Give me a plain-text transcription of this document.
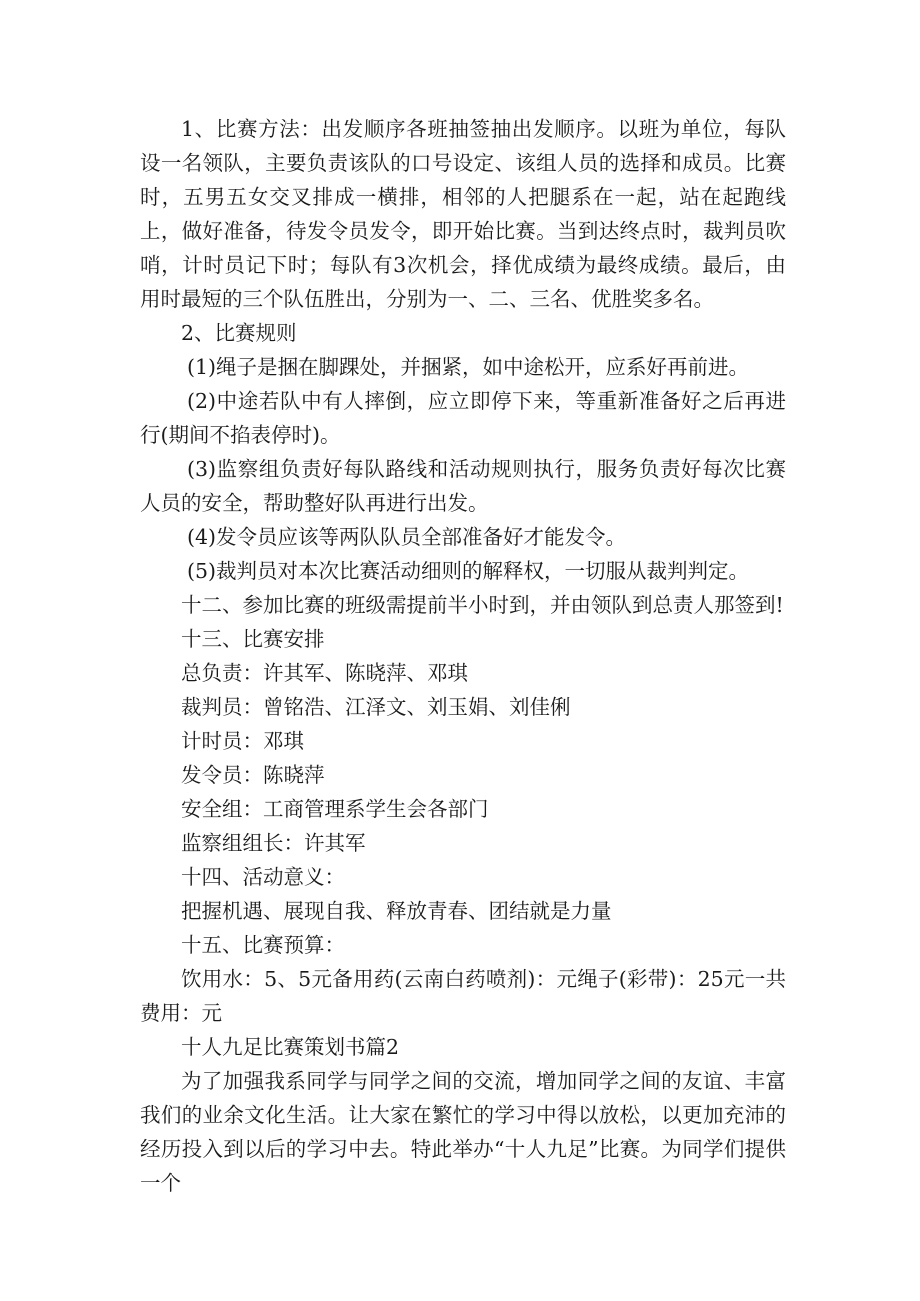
1、比赛方法：出发顺序各班抽签抽出发顺序。以班为单位，每队设一名领队，主要负责该队的口号设定、该组人员的选择和成员。比赛时，五男五女交叉排成一横排，相邻的人把腿系在一起，站在起跑线上，做好准备，待发令员发令，即开始比赛。当到达终点时，裁判员吹哨，计时员记下时；每队有3次机会，择优成绩为最终成绩。最后，由用时最短的三个队伍胜出，分别为一、二、三名、优胜奖多名。

2、比赛规则

(1)绳子是捆在脚踝处，并捆紧，如中途松开，应系好再前进。

(2)中途若队中有人摔倒，应立即停下来，等重新准备好之后再进行(期间不掐表停时)。

(3)监察组负责好每队路线和活动规则执行，服务负责好每次比赛人员的安全，帮助整好队再进行出发。

(4)发令员应该等两队队员全部准备好才能发令。

(5)裁判员对本次比赛活动细则的解释权，一切服从裁判判定。

十二、参加比赛的班级需提前半小时到，并由领队到总责人那签到!

十三、比赛安排

总负责：许其军、陈晓萍、邓琪

裁判员：曾铭浩、江泽文、刘玉娟、刘佳俐

计时员：邓琪

发令员：陈晓萍

安全组：工商管理系学生会各部门

监察组组长：许其军

十四、活动意义：

把握机遇、展现自我、释放青春、团结就是力量

十五、比赛预算：

饮用水：5、5元备用药(云南白药喷剂)：元绳子(彩带)：25元一共费用：元

十人九足比赛策划书篇2

为了加强我系同学与同学之间的交流，增加同学之间的友谊、丰富我们的业余文化生活。让大家在繁忙的学习中得以放松，以更加充沛的经历投入到以后的学习中去。特此举办“十人九足”比赛。为同学们提供一个
